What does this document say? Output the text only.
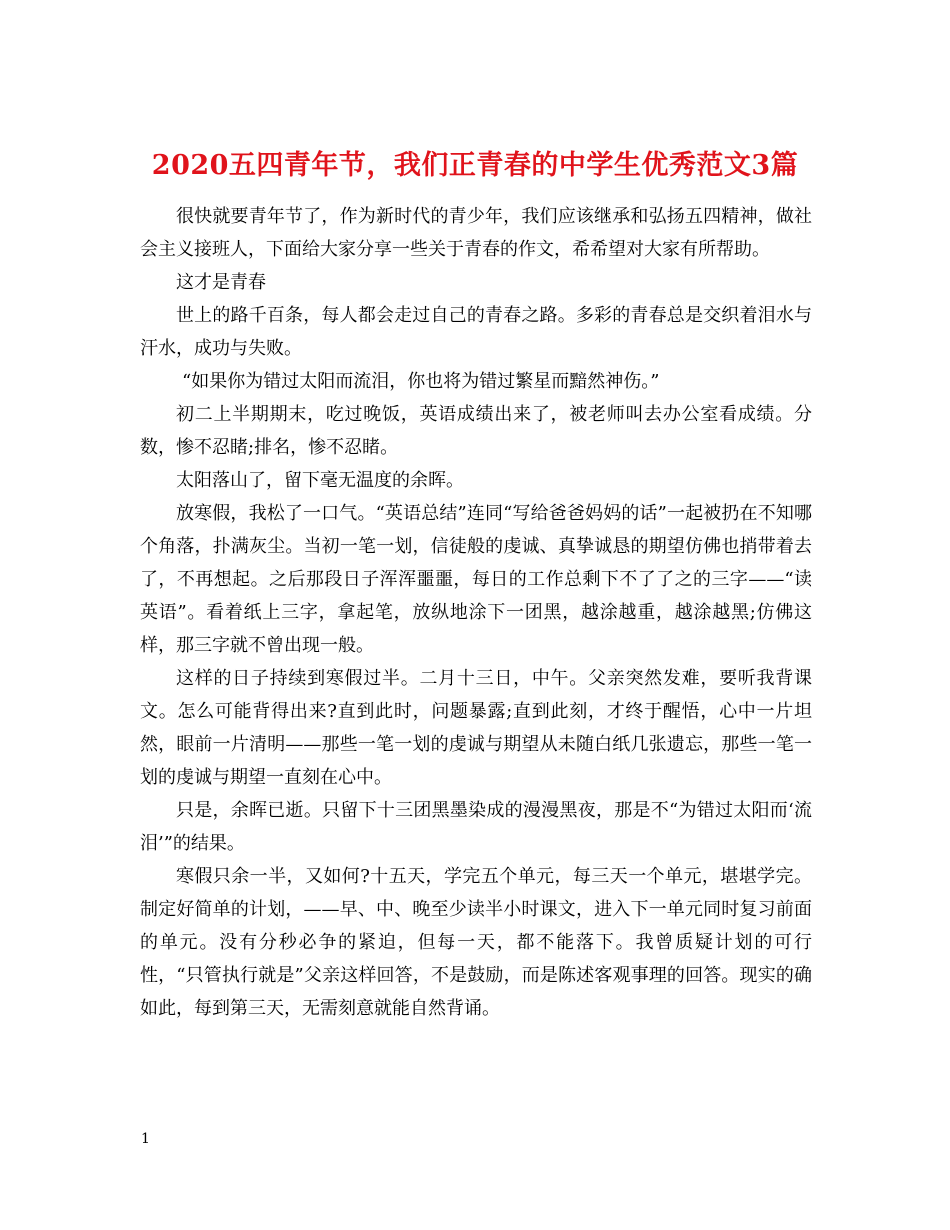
2020五四青年节，我们正青春的中学生优秀范文3篇

很快就要青年节了，作为新时代的青少年，我们应该继承和弘扬五四精神，做社会主义接班人，下面给大家分享一些关于青春的作文，希希望对大家有所帮助。

这才是青春

世上的路千百条，每人都会走过自己的青春之路。多彩的青春总是交织着泪水与汗水，成功与失败。

“如果你为错过太阳而流泪，你也将为错过繁星而黯然神伤。”

初二上半期期末，吃过晚饭，英语成绩出来了，被老师叫去办公室看成绩。分数，惨不忍睹;排名，惨不忍睹。

太阳落山了，留下毫无温度的余晖。

放寒假，我松了一口气。“英语总结”连同“写给爸爸妈妈的话”一起被扔在不知哪个角落，扑满灰尘。当初一笔一划，信徒般的虔诚、真挚诚恳的期望仿佛也捎带着去了，不再想起。之后那段日子浑浑噩噩，每日的工作总剩下不了了之的三字——“读英语”。看着纸上三字，拿起笔，放纵地涂下一团黑，越涂越重，越涂越黑;仿佛这样，那三字就不曾出现一般。

这样的日子持续到寒假过半。二月十三日，中午。父亲突然发难，要听我背课文。怎么可能背得出来?直到此时，问题暴露;直到此刻，才终于醒悟，心中一片坦然，眼前一片清明——那些一笔一划的虔诚与期望从未随白纸几张遗忘，那些一笔一划的虔诚与期望一直刻在心中。

只是，余晖已逝。只留下十三团黑墨染成的漫漫黑夜，那是不“为错过太阳而‘流泪’”的结果。

寒假只余一半，又如何?十五天，学完五个单元，每三天一个单元，堪堪学完。制定好简单的计划，——早、中、晚至少读半小时课文，进入下一单元同时复习前面的单元。没有分秒必争的紧迫，但每一天，都不能落下。我曾质疑计划的可行性，“只管执行就是”父亲这样回答，不是鼓励，而是陈述客观事理的回答。现实的确如此，每到第三天，无需刻意就能自然背诵。

1
